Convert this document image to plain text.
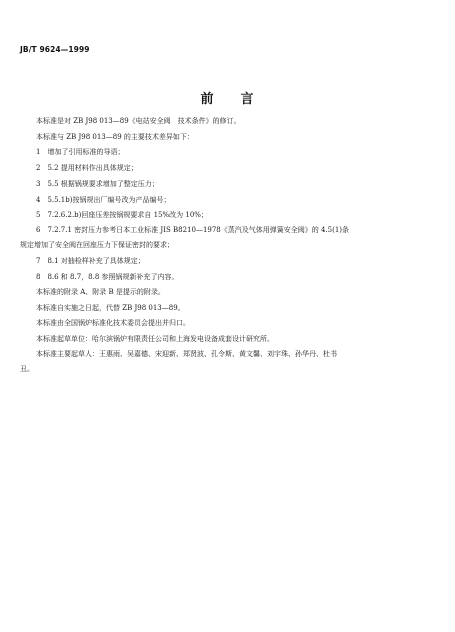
JB/T 9624—1999
前 言
本标准是对 ZB J98 013—89《电站安全阀　技术条件》的修订。
本标准与 ZB J98 013—89 的主要技术差异如下：
1　增加了引用标准的导语；
2　5.2 提用材料作出具体规定；
3　5.5 根据锅规要求增加了整定压力；
4　5.5.1b)按锅规出厂编号改为产品编号；
5　7.2.6.2.b)回座压差按锅规要求自 15%改为 10%；
6　7.2.7.1 密封压力参考日本工业标准 JIS B8210—1978《蒸汽及气体用弹簧安全阀》的 4.5(1)条
规定增加了安全阀在回座压力下保证密封的要求；
7　8.1 对抽检样补充了具体规定；
8　8.6 和 8.7，8.8 参照锅规新补充了内容。
本标准的附录 A、附录 B 是提示的附录。
本标准自实施之日起，代替 ZB J98 013—89。
本标准由全国锅炉标准化技术委员会提出并归口。
本标准起草单位：哈尔滨锅炉有限责任公司和上海发电设备成套设计研究所。
本标准主要起草人：王惠雨、吴嘉德、宋迎新、郑贤波、孔令斯、黄文馨、刘宇珠、孙华丹、杜书
丑。
